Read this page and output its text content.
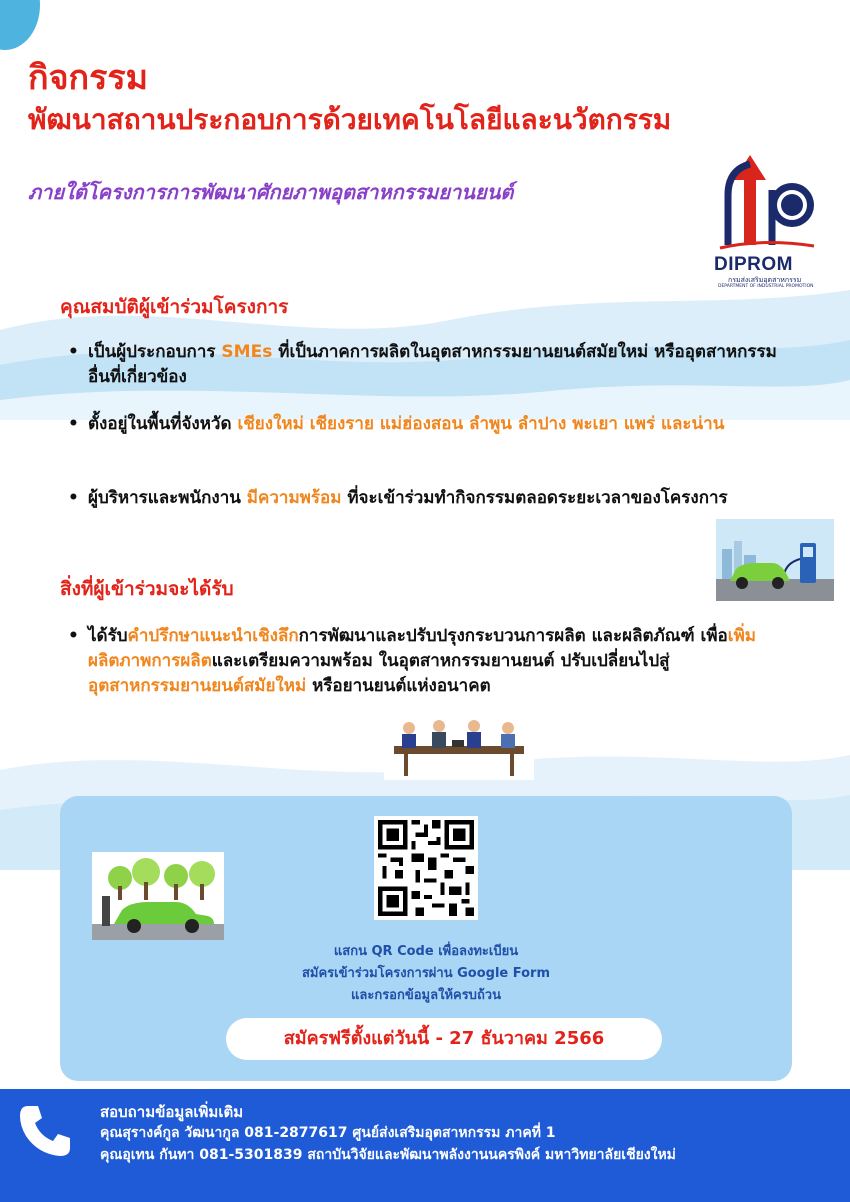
กิจกรรม
พัฒนาสถานประกอบการด้วยเทคโนโลยีและนวัตกรรม
ภายใต้โครงการการพัฒนาศักยภาพอุตสาหกรรมยานยนต์
DIPROM
กรมส่งเสริมอุตสาหกรรม
DEPARTMENT OF INDUSTRIAL PROMOTION
คุณสมบัติผู้เข้าร่วมโครงการ
• เป็นผู้ประกอบการ SMEs ที่เป็นภาคการผลิตในอุตสาหกรรมยานยนต์สมัยใหม่ หรืออุตสาหกรรมอื่นที่เกี่ยวข้อง
• ตั้งอยู่ในพื้นที่จังหวัด เชียงใหม่ เชียงราย แม่ฮ่องสอน ลำพูน ลำปาง พะเยา แพร่ และน่าน
• ผู้บริหารและพนักงาน มีความพร้อม ที่จะเข้าร่วมทำกิจกรรมตลอดระยะเวลาของโครงการ
สิ่งที่ผู้เข้าร่วมจะได้รับ
• ได้รับคำปรึกษาแนะนำเชิงลึกการพัฒนาและปรับปรุงกระบวนการผลิต และผลิตภัณฑ์ เพื่อเพิ่มผลิตภาพการผลิตและเตรียมความพร้อม ในอุตสาหกรรมยานยนต์ ปรับเปลี่ยนไปสู่อุตสาหกรรมยานยนต์สมัยใหม่ หรือยานยนต์แห่งอนาคต
แสกน QR Code เพื่อลงทะเบียน
สมัครเข้าร่วมโครงการผ่าน Google Form
และกรอกข้อมูลให้ครบถ้วน
สมัครฟรีตั้งแต่วันนี้ - 27 ธันวาคม 2566
สอบถามข้อมูลเพิ่มเติม
คุณสุรางค์กูล วัฒนากูล 081-2877617 ศูนย์ส่งเสริมอุตสาหกรรม ภาคที่ 1
คุณอุเทน กันทา 081-5301839 สถาบันวิจัยและพัฒนาพลังงานนครพิงค์ มหาวิทยาลัยเชียงใหม่
